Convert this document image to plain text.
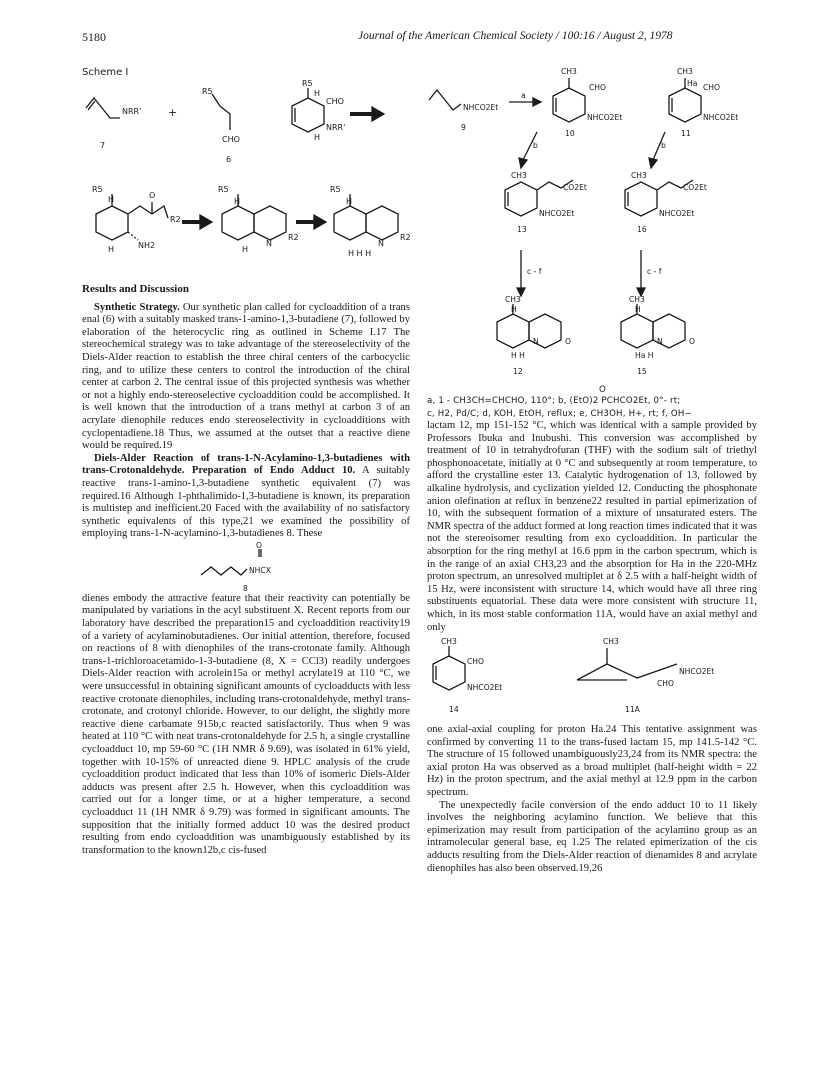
5180	Journal of the American Chemical Society / 100:16 / August 2, 1978
Scheme I
NRR'
7
+
R5
CHO
6
R5
H
CHO
NRR'
H
R5
H	O
R2
NH2
H
R5
H
N
R2
H
R5
H
N
R2
H H H
NHCO2Et
9
a
CH3
CHO
NHCO2Et
10
CH3
Ha CHO
NHCO2Et
11
b	b
CH3
CO2Et
NHCO2Et
13
CH3
CO2Et
NHCO2Et
16
c - f	c - f
CH3
H
N	O
H H
12
CH3
H
N	O
Ha H
15
O
a, 1 - CH3CH=CHCHO, 110°; b, (EtO)2 PCHCO2Et, 0°- rt;
c, H2, Pd/C; d, KOH, EtOH, reflux; e, CH3OH, H+, rt; f, OH−

Results and Discussion

Synthetic Strategy. Our synthetic plan called for cycloaddition of a trans enal (6) with a suitably masked trans-1-amino-1,3-butadiene (7), followed by elaboration of the heterocyclic ring as outlined in Scheme I.17 The stereochemical strategy was to take advantage of the stereoselectivity of the Diels-Alder reaction to establish the three chiral centers of the carbocyclic ring, and to utilize these centers to control the introduction of the chiral center at carbon 2. The central issue of this projected synthesis was whether or not a highly endo-stereoselective cycloaddition could be accomplished. It is well known that the introduction of a trans methyl at carbon 3 of an acrylate dienophile reduces endo stereoselectivity in cycloadditions with cyclopentadiene.18 Thus, we assumed at the outset that a reactive diene would be required.19

Diels-Alder Reaction of trans-1-N-Acylamino-1,3-butadienes with trans-Crotonaldehyde. Preparation of Endo Adduct 10. A suitably reactive trans-1-amino-1,3-butadiene synthetic equivalent (7) was required.16 Although 1-phthalimido-1,3-butadiene is known, its preparation is multistep and inefficient.20 Faced with the availability of no satisfactory synthetic equivalents of this type,21 we examined the possibility of employing trans-1-N-acylamino-1,3-butadienes 8. These

O
NHCX
8

dienes embody the attractive feature that their reactivity can potentially be manipulated by variations in the acyl substituent X. Recent reports from our laboratory have described the preparation15 and cycloaddition reactivity19 of a variety of acylaminobutadienes. Our initial attention, therefore, focused on reactions of 8 with dienophiles of the trans-crotonate family. Although trans-1-trichloroacetamido-1-3-butadiene (8, X = CCl3) readily undergoes Diels-Alder reaction with acrolein15a or methyl acrylate19 at 110 °C, we were unsuccessful in obtaining significant amounts of cycloadducts with less reactive crotonate dienophiles, including trans-crotonaldehyde, methyl trans-crotonate, and crotonyl chloride. However, to our delight, the slightly more reactive diene carbamate 915b,c reacted satisfactorily. Thus when 9 was heated at 110 °C with neat trans-crotonaldehyde for 2.5 h, a single crystalline cycloadduct 10, mp 59-60 °C (1H NMR δ 9.69), was isolated in 61% yield, together with 10-15% of unreacted diene 9. HPLC analysis of the crude cycloaddition product indicated that less than 10% of isomeric Diels-Alder adducts was present after 2.5 h. However, when this cycloaddition was carried out for a longer time, or at a higher temperature, a second cycloadduct 11 (1H NMR δ 9.79) was formed in significant amounts. The supposition that the initially formed adduct 10 was the desired product resulting from endo cycloaddition was unambiguously established by its transformation to the known12b,c cis-fused

lactam 12, mp 151-152 °C, which was identical with a sample provided by Professors Ibuka and Inubushi. This conversion was accomplished by treatment of 10 in tetrahydrofuran (THF) with the sodium salt of triethyl phosphonoacetate, initially at 0 °C and subsequently at room temperature, to afford the crystalline ester 13. Catalytic hydrogenation of 13, followed by alkaline hydrolysis, and cyclization yielded 12. Conducting the phosphonate anion olefination at reflux in benzene22 resulted in partial epimerization of 10, with the subsequent formation of a mixture of unsaturated esters. The NMR spectra of the adduct formed at long reaction times indicated that it was not the stereoisomer resulting from exo cycloaddition. In particular the absorption for the ring methyl at 16.6 ppm in the carbon spectrum, which is in the range of an axial CH3,23 and the absorption for Ha in the 220-MHz proton spectrum, an unresolved multiplet at δ 2.5 with a half-height width of 15 Hz, were inconsistent with structure 14, which would have all three ring substituents equatorial. These data were more consistent with structure 11, which, in its most stable conformation 11A, would have an axial methyl and only

CH3
CHO
NHCO2Et
14
CH3
NHCO2Et
CHO
11A

one axial-axial coupling for proton Ha.24 This tentative assignment was confirmed by converting 11 to the trans-fused lactam 15, mp 141.5-142 °C. The structure of 15 followed unambiguously23,24 from its NMR spectra: the axial proton Ha was observed as a broad multiplet (half-height width = 22 Hz) in the proton spectrum, and the axial methyl at 12.9 ppm in the carbon spectrum.

The unexpectedly facile conversion of the endo adduct 10 to 11 likely involves the neighboring acylamino function. We believe that this epimerization may result from participation of the acylamino group as an intramolecular general base, eq 1.25 The related epimerization of the cis adducts resulting from the Diels-Alder reaction of dienamides 8 and acrylate dienophiles has also been observed.19,26
